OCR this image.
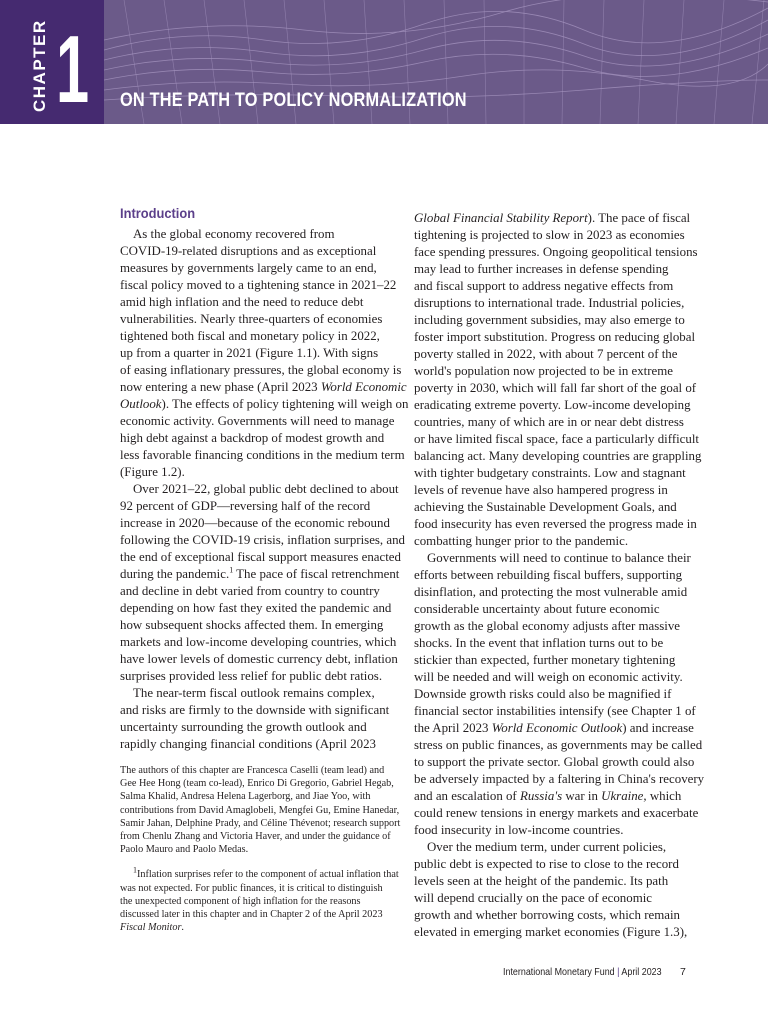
CHAPTER 1 ON THE PATH TO POLICY NORMALIZATION
Introduction
As the global economy recovered from
COVID-19-related disruptions and as exceptional
measures by governments largely came to an end,
fiscal policy moved to a tightening stance in 2021–22
amid high inflation and the need to reduce debt
vulnerabilities. Nearly three-quarters of economies
tightened both fiscal and monetary policy in 2022,
up from a quarter in 2021 (Figure 1.1). With signs
of easing inflationary pressures, the global economy is
now entering a new phase (April 2023 World Economic
Outlook). The effects of policy tightening will weigh on
economic activity. Governments will need to manage
high debt against a backdrop of modest growth and
less favorable financing conditions in the medium term
(Figure 1.2).
Over 2021–22, global public debt declined to about
92 percent of GDP—reversing half of the record
increase in 2020—because of the economic rebound
following the COVID-19 crisis, inflation surprises, and
the end of exceptional fiscal support measures enacted
during the pandemic.$^1$ The pace of fiscal retrenchment
and decline in debt varied from country to country
depending on how fast they exited the pandemic and
how subsequent shocks affected them. In emerging
markets and low-income developing countries, which
have lower levels of domestic currency debt, inflation
surprises provided less relief for public debt ratios.
The near-term fiscal outlook remains complex,
and risks are firmly to the downside with significant
uncertainty surrounding the growth outlook and
rapidly changing financial conditions (April 2023
The authors of this chapter are Francesca Caselli (team lead) and
Gee Hee Hong (team co-lead), Enrico Di Gregorio, Gabriel Hegab,
Salma Khalid, Andresa Helena Lagerborg, and Jiae Yoo, with
contributions from David Amaglobeli, Mengfei Gu, Emine Hanedar,
Samir Jahan, Delphine Prady, and Céline Thévenot; research support
from Chenlu Zhang and Victoria Haver, and under the guidance of
Paolo Mauro and Paolo Medas.
$^1$Inflation surprises refer to the component of actual inflation that
was not expected. For public finances, it is critical to distinguish
the unexpected component of high inflation for the reasons
discussed later in this chapter and in Chapter 2 of the April 2023
Fiscal Monitor.
Global Financial Stability Report). The pace of fiscal
tightening is projected to slow in 2023 as economies
face spending pressures. Ongoing geopolitical tensions
may lead to further increases in defense spending
and fiscal support to address negative effects from
disruptions to international trade. Industrial policies,
including government subsidies, may also emerge to
foster import substitution. Progress on reducing global
poverty stalled in 2022, with about 7 percent of the
world's population now projected to be in extreme
poverty in 2030, which will fall far short of the goal of
eradicating extreme poverty. Low-income developing
countries, many of which are in or near debt distress
or have limited fiscal space, face a particularly difficult
balancing act. Many developing countries are grappling
with tighter budgetary constraints. Low and stagnant
levels of revenue have also hampered progress in
achieving the Sustainable Development Goals, and
food insecurity has even reversed the progress made in
combatting hunger prior to the pandemic.
Governments will need to continue to balance their
efforts between rebuilding fiscal buffers, supporting
disinflation, and protecting the most vulnerable amid
considerable uncertainty about future economic
growth as the global economy adjusts after massive
shocks. In the event that inflation turns out to be
stickier than expected, further monetary tightening
will be needed and will weigh on economic activity.
Downside growth risks could also be magnified if
financial sector instabilities intensify (see Chapter 1 of
the April 2023 World Economic Outlook) and increase
stress on public finances, as governments may be called
to support the private sector. Global growth could also
be adversely impacted by a faltering in China's recovery
and an escalation of Russia's war in Ukraine, which
could renew tensions in energy markets and exacerbate
food insecurity in low-income countries.
Over the medium term, under current policies,
public debt is expected to rise to close to the record
levels seen at the height of the pandemic. Its path
will depend crucially on the pace of economic
growth and whether borrowing costs, which remain
elevated in emerging market economies (Figure 1.3),
International Monetary Fund | April 2023 7
